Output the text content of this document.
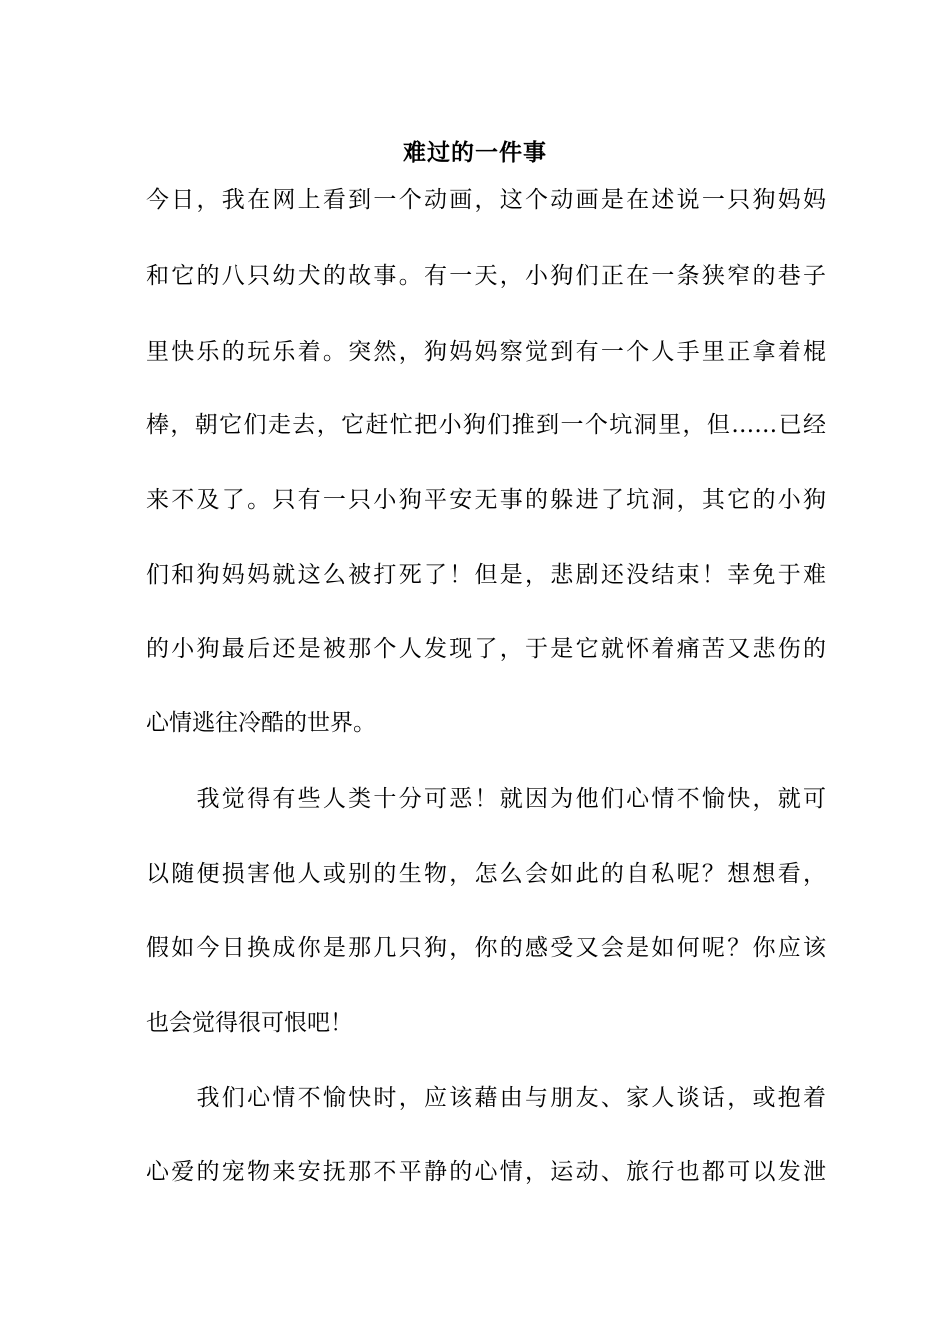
难过的一件事
今日，我在网上看到一个动画，这个动画是在述说一只狗妈妈
和它的八只幼犬的故事。有一天，小狗们正在一条狭窄的巷子
里快乐的玩乐着。突然，狗妈妈察觉到有一个人手里正拿着棍
棒，朝它们走去，它赶忙把小狗们推到一个坑洞里，但……已经
来不及了。只有一只小狗平安无事的躲进了坑洞，其它的小狗
们和狗妈妈就这么被打死了！但是，悲剧还没结束！幸免于难
的小狗最后还是被那个人发现了，于是它就怀着痛苦又悲伤的
心情逃往冷酷的世界。
　　我觉得有些人类十分可恶！就因为他们心情不愉快，就可
以随便损害他人或别的生物，怎么会如此的自私呢？想想看，
假如今日换成你是那几只狗，你的感受又会是如何呢？你应该
也会觉得很可恨吧！
　　我们心情不愉快时，应该藉由与朋友、家人谈话，或抱着
心爱的宠物来安抚那不平静的心情，运动、旅行也都可以发泄
